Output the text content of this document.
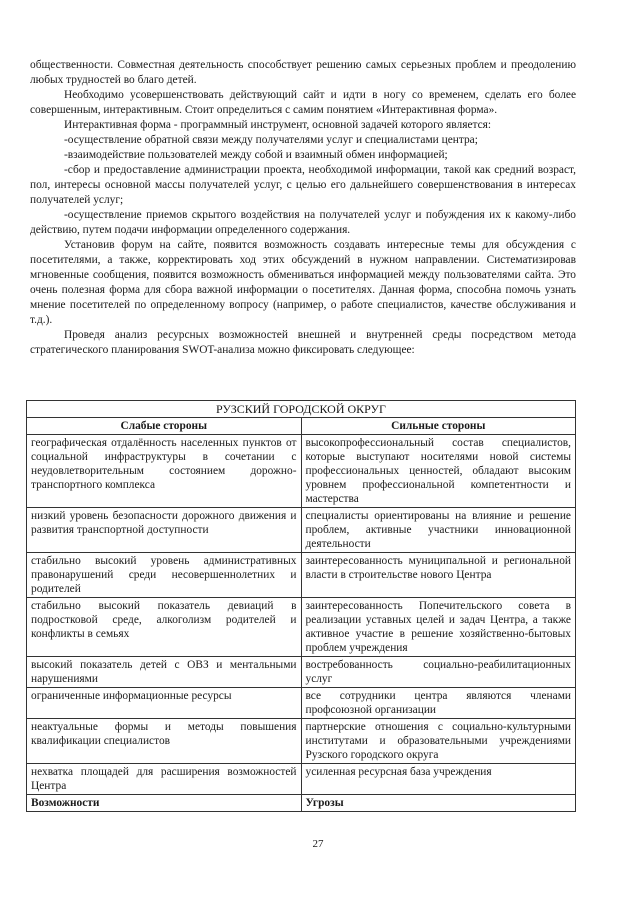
общественности. Совместная деятельность способствует решению самых серьезных проблем и преодолению любых трудностей во благо детей.

Необходимо усовершенствовать действующий сайт и идти в ногу со временем, сделать его более совершенным, интерактивным. Стоит определиться с самим понятием «Интерактивная форма».

Интерактивная форма - программный инструмент, основной задачей которого является:

-осуществление обратной связи между получателями услуг и специалистами центра;

-взаимодействие пользователей между собой и взаимный обмен информацией;

-сбор и предоставление администрации проекта, необходимой информации, такой как средний возраст, пол, интересы основной массы получателей услуг, с целью его дальнейшего совершенствования в интересах получателей услуг;

-осуществление приемов скрытого воздействия на получателей услуг и побуждения их к какому-либо действию, путем подачи информации определенного содержания.

Установив форум на сайте, появится возможность создавать интересные темы для обсуждения с посетителями, а также, корректировать ход этих обсуждений в нужном направлении. Систематизировав мгновенные сообщения, появится возможность обмениваться информацией между пользователями сайта. Это очень полезная форма для сбора важной информации о посетителях. Данная форма, способна помочь узнать мнение посетителей по определенному вопросу (например, о работе специалистов, качестве обслуживания и т.д.).

Проведя анализ ресурсных возможностей внешней и внутренней среды посредством метода стратегического планирования SWOT-анализа можно фиксировать следующее:

РУЗСКИЙ ГОРОДСКОЙ ОКРУГ	
Слабые стороны	Сильные стороны
географическая отдалённость населенных пунктов от социальной инфраструктуры в сочетании с неудовлетворительным состоянием дорожно-транспортного комплекса	высокопрофессиональный состав специалистов, которые выступают носителями новой системы профессиональных ценностей, обладают высоким уровнем профессиональной компетентности и мастерства
низкий уровень безопасности дорожного движения и развития транспортной доступности	специалисты ориентированы на влияние и решение проблем, активные участники инновационной деятельности
стабильно высокий уровень административных правонарушений среди несовершеннолетних и родителей	заинтересованность муниципальной и региональной власти в строительстве нового Центра
стабильно высокий показатель девиаций в подростковой среде, алкоголизм родителей и конфликты в семьях	заинтересованность Попечительского совета в реализации уставных целей и задач Центра, а также активное участие в решение хозяйственно-бытовых проблем учреждения
высокий показатель детей с ОВЗ и ментальными нарушениями	востребованность социально-реабилитационных услуг
ограниченные информационные ресурсы	все сотрудники центра являются членами профсоюзной организации
неактуальные формы и методы повышения квалификации специалистов	партнерские отношения с социально-культурными институтами и образовательными учреждениями Рузского городского округа
нехватка площадей для расширения возможностей Центра	усиленная ресурсная база учреждения
Возможности	Угрозы
27
